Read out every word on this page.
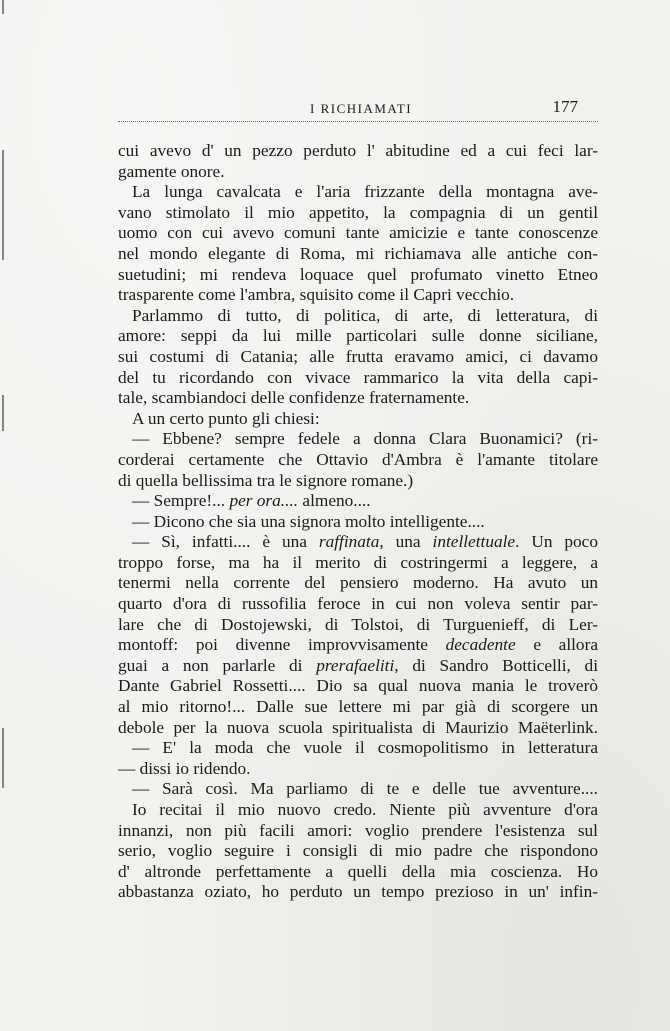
I RICHIAMATI	177
cui avevo d' un pezzo perduto l' abitudine ed a cui feci lar-
gamente onore.
La lunga cavalcata e l'aria frizzante della montagna ave-
vano stimolato il mio appetito, la compagnia di un gentil
uomo con cui avevo comuni tante amicizie e tante conoscenze
nel mondo elegante di Roma, mi richiamava alle antiche con-
suetudini; mi rendeva loquace quel profumato vinetto Etneo
trasparente come l'ambra, squisito come il Capri vecchio.
Parlammo di tutto, di politica, di arte, di letteratura, di
amore: seppi da lui mille particolari sulle donne siciliane,
sui costumi di Catania; alle frutta eravamo amici, ci davamo
del tu ricordando con vivace rammarico la vita della capi-
tale, scambiandoci delle confidenze fraternamente.
A un certo punto gli chiesi:
— Ebbene? sempre fedele a donna Clara Buonamici? (ri-
corderai certamente che Ottavio d'Ambra è l'amante titolare
di quella bellissima tra le signore romane.)
— Sempre!... per ora.... almeno....
— Dicono che sia una signora molto intelligente....
— Sì, infatti.... è una raffinata, una intellettuale. Un poco
troppo forse, ma ha il merito di costringermi a leggere, a
tenermi nella corrente del pensiero moderno. Ha avuto un
quarto d'ora di russofilia feroce in cui non voleva sentir par-
lare che di Dostojewski, di Tolstoi, di Turguenieff, di Ler-
montoff: poi divenne improvvisamente decadente e allora
guai a non parlarle di prerafaeliti, di Sandro Botticelli, di
Dante Gabriel Rossetti.... Dio sa qual nuova mania le troverò
al mio ritorno!... Dalle sue lettere mi par già di scorgere un
debole per la nuova scuola spiritualista di Maurizio Maëterlink.
— E' la moda che vuole il cosmopolitismo in letteratura
— dissi io ridendo.
— Sarà così. Ma parliamo di te e delle tue avventure....
Io recitai il mio nuovo credo. Niente più avventure d'ora
innanzi, non più facili amori: voglio prendere l'esistenza sul
serio, voglio seguire i consigli di mio padre che rispondono
d' altronde perfettamente a quelli della mia coscienza. Ho
abbastanza oziato, ho perduto un tempo prezioso in un' infin-
